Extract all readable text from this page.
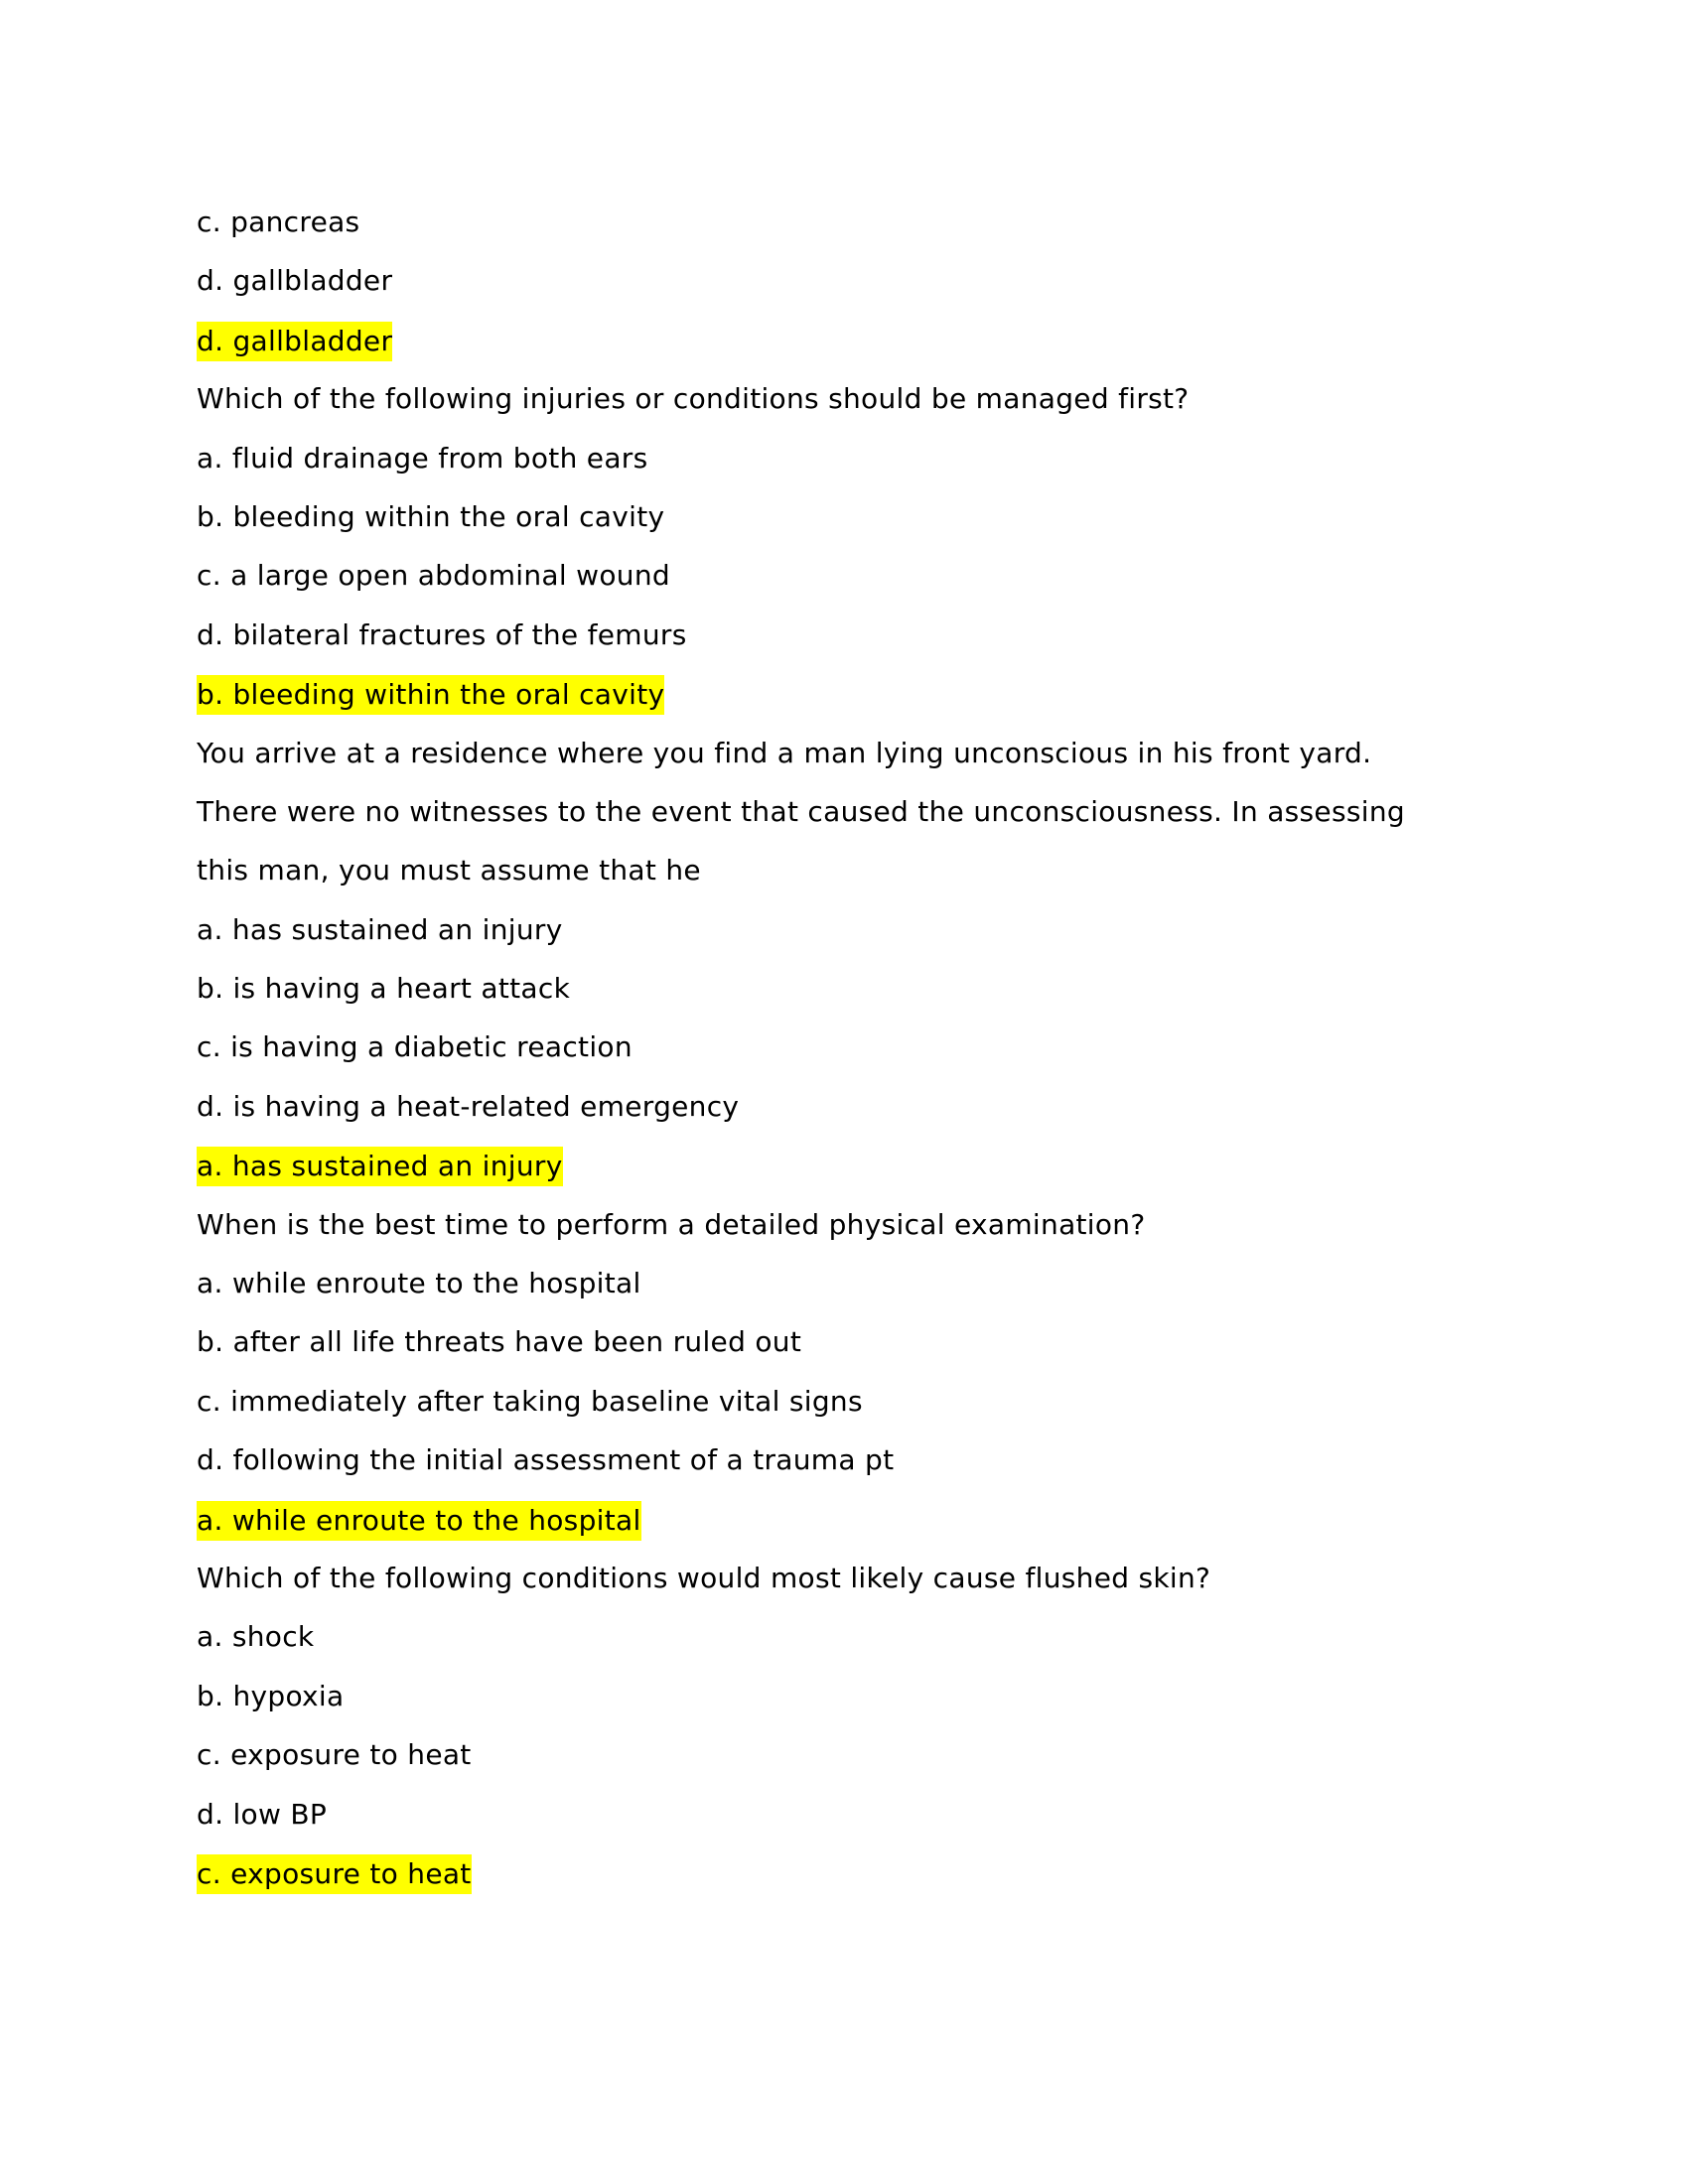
c. pancreas
d. gallbladder
d. gallbladder
Which of the following injuries or conditions should be managed first?
a. fluid drainage from both ears
b. bleeding within the oral cavity
c. a large open abdominal wound
d. bilateral fractures of the femurs
b. bleeding within the oral cavity
You arrive at a residence where you find a man lying unconscious in his front yard.
There were no witnesses to the event that caused the unconsciousness. In assessing
this man, you must assume that he
a. has sustained an injury
b. is having a heart attack
c. is having a diabetic reaction
d. is having a heat-related emergency
a. has sustained an injury
When is the best time to perform a detailed physical examination?
a. while enroute to the hospital
b. after all life threats have been ruled out
c. immediately after taking baseline vital signs
d. following the initial assessment of a trauma pt
a. while enroute to the hospital
Which of the following conditions would most likely cause flushed skin?
a. shock
b. hypoxia
c. exposure to heat
d. low BP
c. exposure to heat
